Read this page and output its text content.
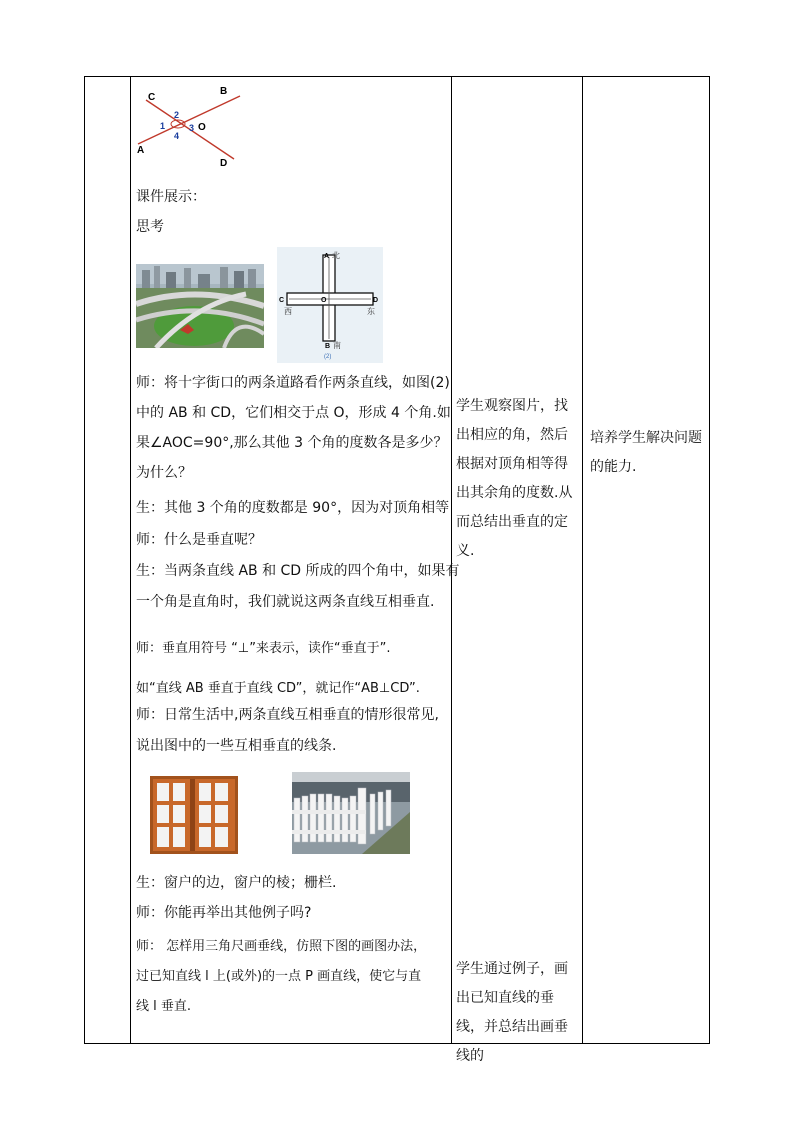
C
B
A
D
O
1
2
3
4
课件展示：
思考
A 北
C
西
O	D
东
B 南
(2)
师：将十字街口的两条道路看作两条直线，如图(2)
中的 AB 和 CD，它们相交于点 O，形成 4 个角.如
果∠AOC=90°,那么其他 3 个角的度数各是多少？
为什么？
生：其他 3 个角的度数都是 90°，因为对顶角相等
师：什么是垂直呢？
生：当两条直线 AB 和 CD 所成的四个角中，如果有
一个角是直角时，我们就说这两条直线互相垂直.
师：垂直用符号 “⊥”来表示，读作“垂直于”.
如“直线 AB 垂直于直线 CD”，就记作“AB⊥CD”.
师：日常生活中,两条直线互相垂直的情形很常见,
说出图中的一些互相垂直的线条.
生：窗户的边，窗户的棱；栅栏.
师：你能再举出其他例子吗?
师： 怎样用三角尺画垂线，仿照下图的画图办法，
过已知直线 l 上(或外)的一点 P 画直线，使它与直
线 l 垂直.
学生观察图片，找出相应的角，然后根据对顶角相等得出其余角的度数.从而总结出垂直的定义.
学生通过例子，画出已知直线的垂线，并总结出画垂线的
培养学生解决问题的能力.
